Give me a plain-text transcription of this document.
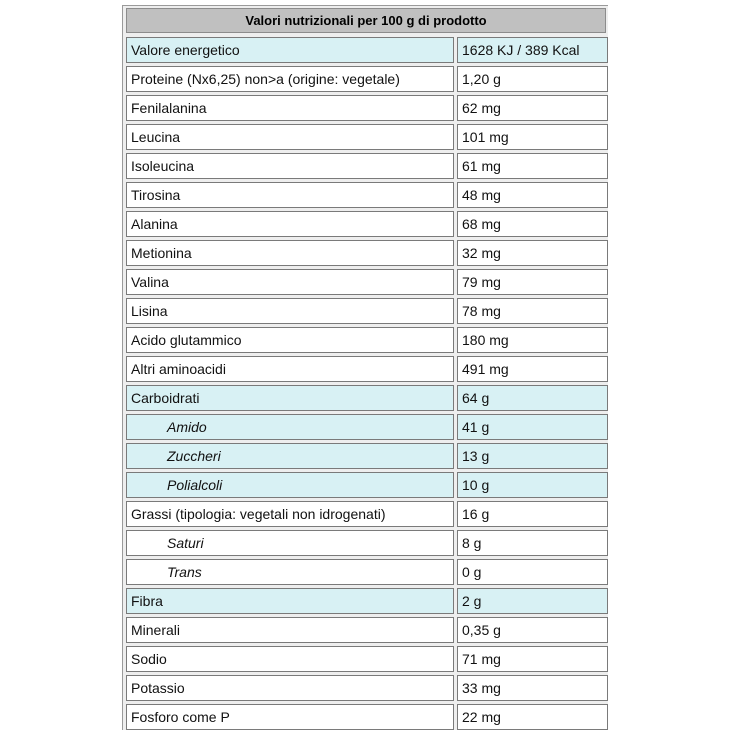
Valori nutrizionali per 100 g di prodotto
Valore energetico	1628 KJ / 389 Kcal
Proteine (Nx6,25) non>a (origine: vegetale)	1,20 g
Fenilalanina	62 mg
Leucina	101 mg
Isoleucina	61 mg
Tirosina	48 mg
Alanina	68 mg
Metionina	32 mg
Valina	79 mg
Lisina	78 mg
Acido glutammico	180 mg
Altri aminoacidi	491 mg
Carboidrati	64 g
Amido	41 g
Zuccheri	13 g
Polialcoli	10 g
Grassi (tipologia: vegetali non idrogenati)	16 g
Saturi	8 g
Trans	0 g
Fibra	2 g
Minerali	0,35 g
Sodio	71 mg
Potassio	33 mg
Fosforo come P	22 mg
